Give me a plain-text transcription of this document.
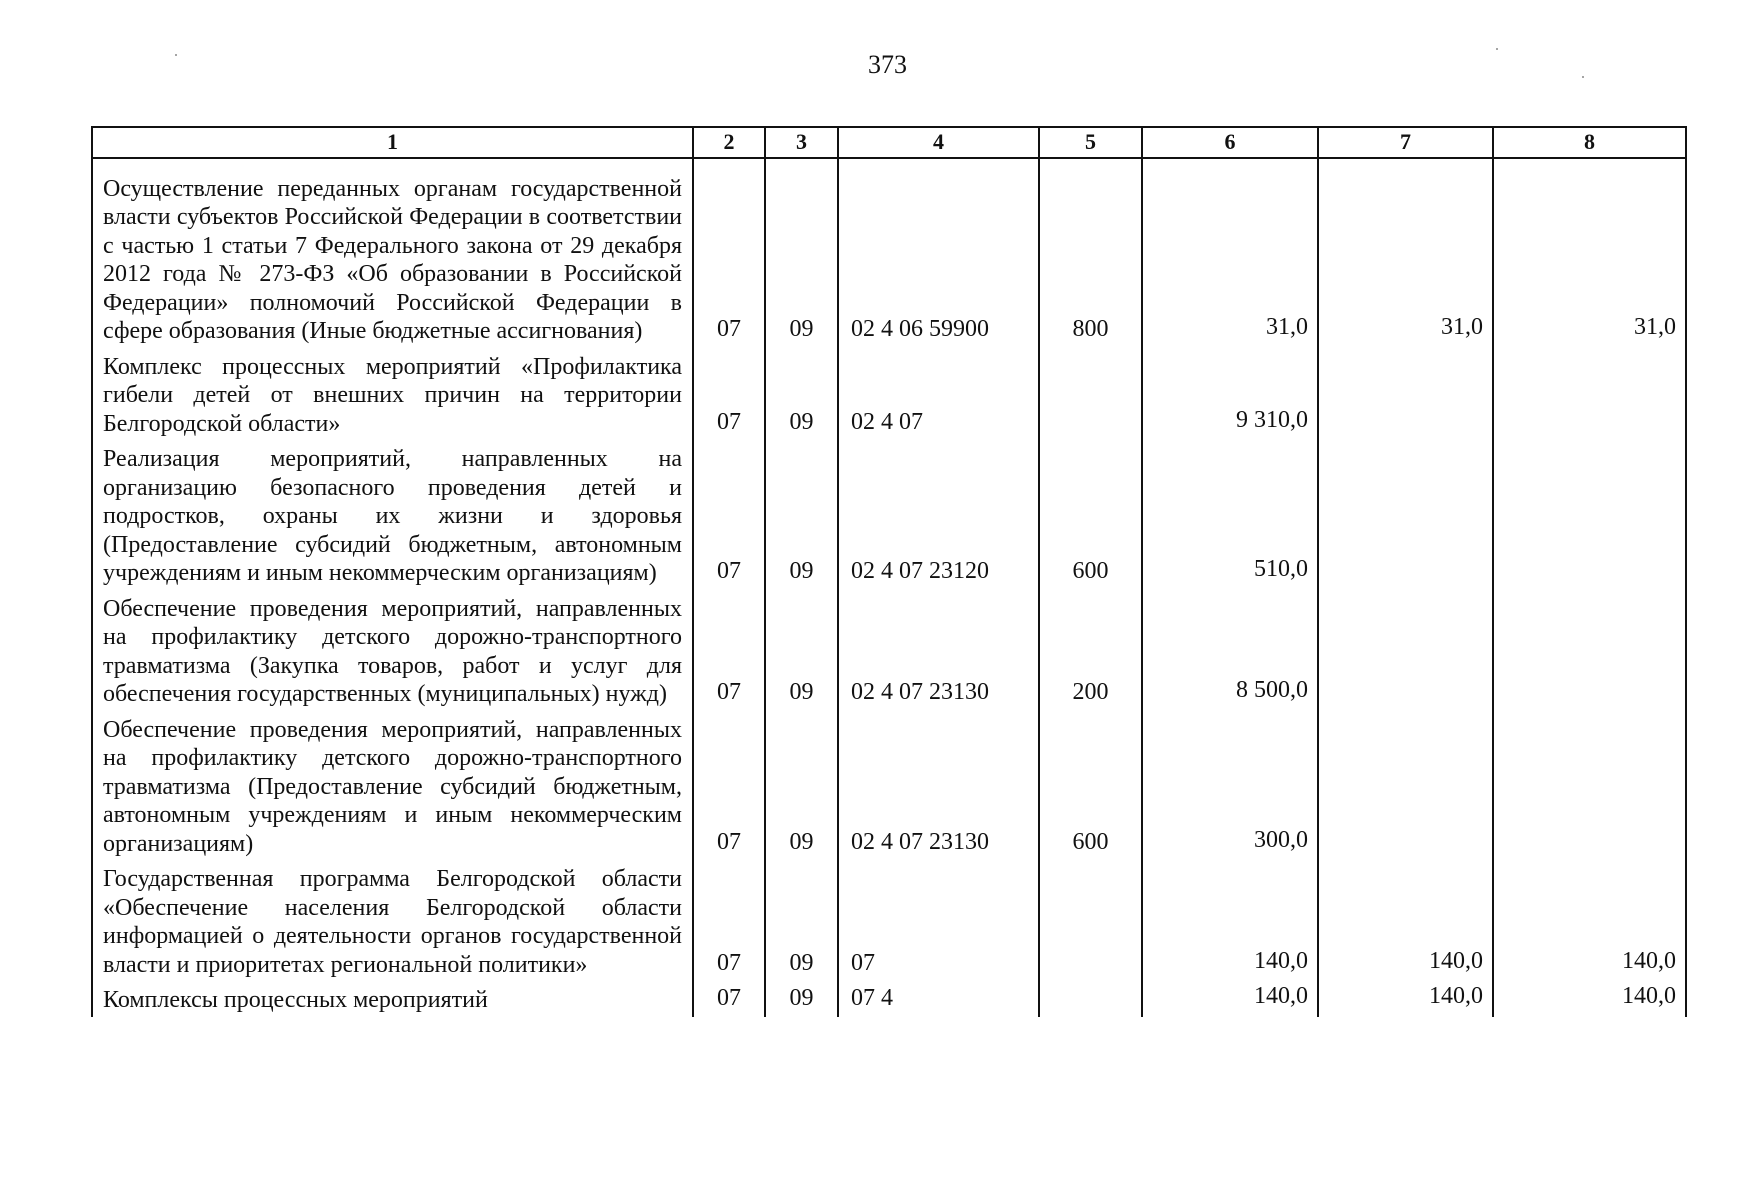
373
1	2	3	4	5	6	7	8
Осуществление переданных органам государственной власти субъектов Российской Федерации в соответствии с частью 1 статьи 7 Федерального закона от 29 декабря 2012 года № 273-ФЗ «Об образовании в Российской Федерации» полномочий Российской Федерации в сфере образования (Иные бюджетные ассигнования)	07	09	02 4 06 59900	800	31,0	31,0	31,0
Комплекс процессных мероприятий «Профилактика гибели детей от внешних причин на территории Белгородской области»	07	09	02 4 07		9 310,0		
Реализация мероприятий, направленных на организацию безопасного проведения детей и подростков, охраны их жизни и здоровья (Предоставление субсидий бюджетным, автономным учреждениям и иным некоммерческим организациям)	07	09	02 4 07 23120	600	510,0		
Обеспечение проведения мероприятий, направленных на профилактику детского дорожно-транспортного травматизма (Закупка товаров, работ и услуг для обеспечения государственных (муниципальных) нужд)	07	09	02 4 07 23130	200	8 500,0		
Обеспечение проведения мероприятий, направленных на профилактику детского дорожно-транспортного травматизма (Предоставление субсидий бюджетным, автономным учреждениям и иным некоммерческим организациям)	07	09	02 4 07 23130	600	300,0		
Государственная программа Белгородской области «Обеспечение населения Белгородской области информацией о деятельности органов государственной власти и приоритетах региональной политики»	07	09	07		140,0	140,0	140,0
Комплексы процессных мероприятий	07	09	07 4		140,0	140,0	140,0
